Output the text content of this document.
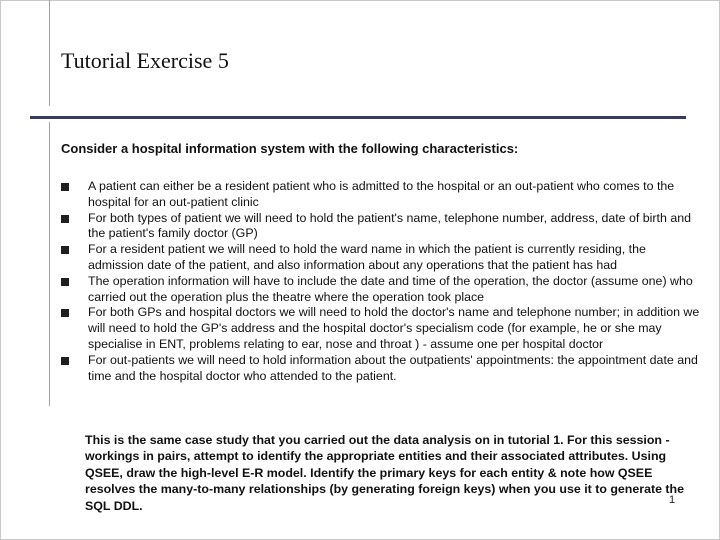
Tutorial Exercise 5
Consider a hospital information system with the following characteristics:
A patient can either be a resident patient who is admitted to the hospital or an out-patient who comes to the hospital for an out-patient clinic
For both types of patient we will need to hold the patient's name, telephone number, address, date of birth and the patient's family doctor (GP)
For a resident patient we will need to hold the ward name in which the patient is currently residing, the admission date of the patient, and also information about any operations that the patient has had
The operation information will have to include the date and time of the operation, the doctor (assume one) who carried out the operation plus the theatre where the operation took place
For both GPs and hospital doctors we will need to hold the doctor's name and telephone number; in addition we will need to hold the GP's address and the hospital doctor's specialism code (for example, he or she may specialise in ENT, problems relating to ear, nose and throat ) - assume one per hospital doctor
For out-patients we will need to hold information about the outpatients' appointments: the appointment date and time and the hospital doctor who attended to the patient.

This is the same case study that you carried out the data analysis on in tutorial 1. For this session - workings in pairs, attempt to identify the appropriate entities and their associated attributes. Using QSEE, draw the high-level E-R model. Identify the primary keys for each entity & note how QSEE resolves the many-to-many relationships (by generating foreign keys) when you use it to generate the SQL DDL.	1
